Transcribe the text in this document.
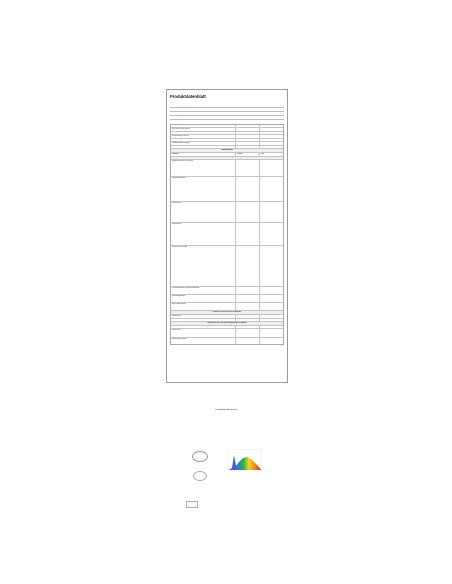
Produktdatenblatt
DELEGIERTE VERORDNUNG (EU) 2019/2015 DER KOMMISSION zur
Ergänzung der Richtlinie (EU) 2017/1369 ...
Name oder Handelsmarke des Lieferanten:
Anschrift des Lieferanten:
Modellkennung:
Art der Lichtquelle:
Verwendete Beleuchtungstechnologie
Nicht gerichtet oder gerichtet
Sockeltyp der Lichtquelle
Netzspannungs-Lichtquelle
Vernetzte Lichtquelle (CLS)
Farbabstimmbare Lichtquelle
Hülle
Produktparameter
Parameter	Symbol	Wert
Parameter der Lichtquelle
Energieverbrauch im Ein-Zustand
Energieeffizienzklasse
Nutzlichtstrom
Farbtemperatur
Leistung im Ein-Zustand
Leistungsaufnahme im Bereitschaftszustand
Farbwiedergabeindex
Äußere Abmessungen
Parameter für LED- und OLED-Lichtquellen
Farbkonsistenz
Lichtstromerhalt
Parameter für LED- und OLED-Netzspannungs-Lichtquellen
Verschiebungsfaktor
Flimmermetrik
Stroboskopeffekt-Metrik
Lichtquellen-Merkmale
